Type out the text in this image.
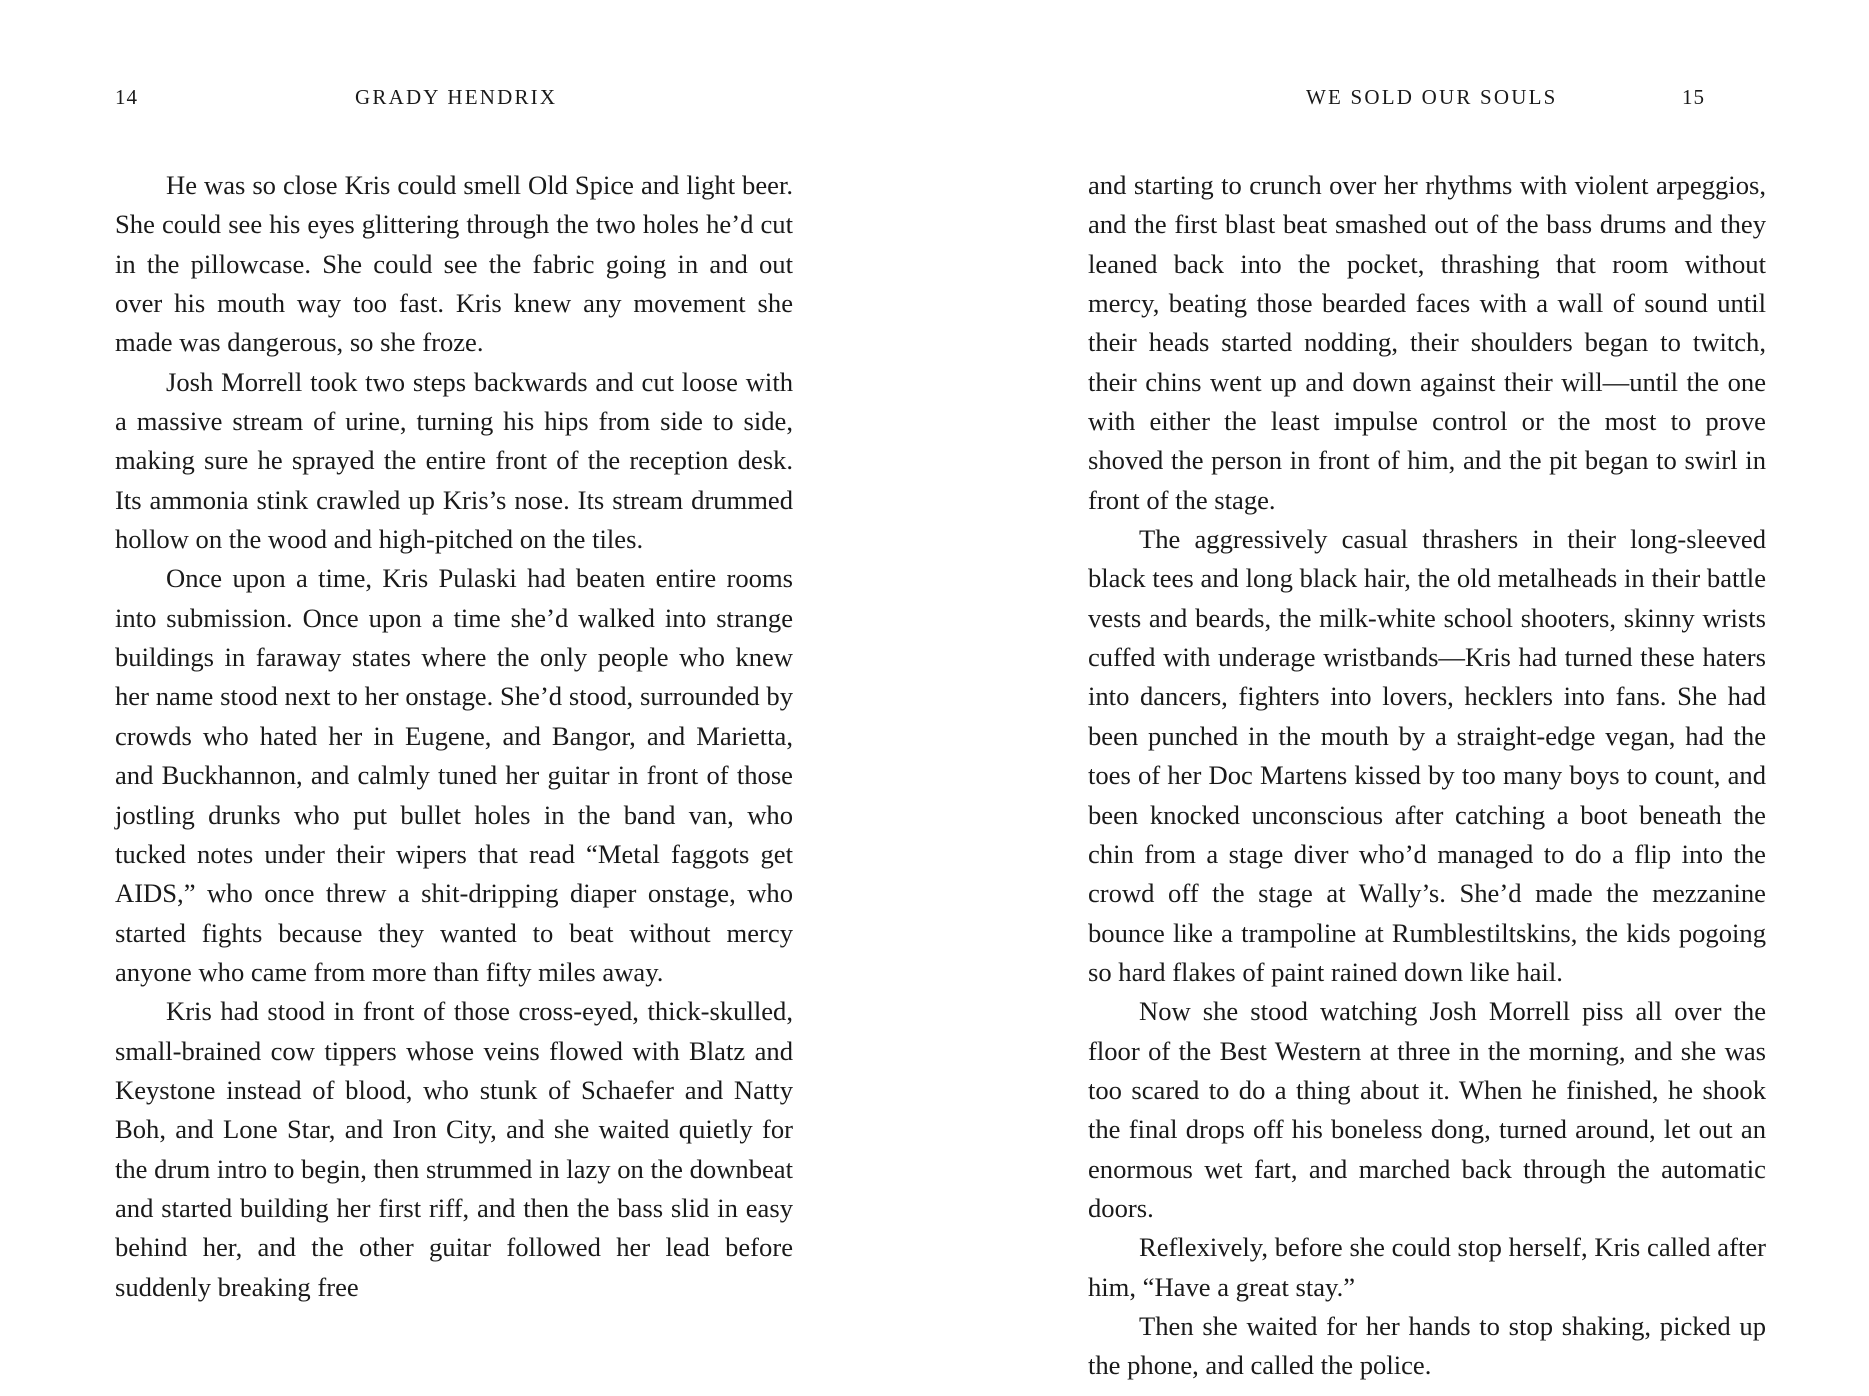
14	GRADY HENDRIX

He was so close Kris could smell Old Spice and light beer. She could see his eyes glittering through the two holes he’d cut in the pillowcase. She could see the fabric going in and out over his mouth way too fast. Kris knew any movement she made was dangerous, so she froze.

Josh Morrell took two steps backwards and cut loose with a massive stream of urine, turning his hips from side to side, making sure he sprayed the entire front of the reception desk. Its ammonia stink crawled up Kris’s nose. Its stream drummed hollow on the wood and high-pitched on the tiles.

Once upon a time, Kris Pulaski had beaten entire rooms into submission. Once upon a time she’d walked into strange buildings in faraway states where the only people who knew her name stood next to her onstage. She’d stood, surrounded by crowds who hated her in Eugene, and Bangor, and Marietta, and Buckhannon, and calmly tuned her guitar in front of those jostling drunks who put bullet holes in the band van, who tucked notes under their wipers that read “Metal faggots get AIDS,” who once threw a shit-dripping diaper onstage, who started fights because they wanted to beat without mercy anyone who came from more than fifty miles away.

Kris had stood in front of those cross-eyed, thick-skulled, small-brained cow tippers whose veins flowed with Blatz and Keystone instead of blood, who stunk of Schaefer and Natty Boh, and Lone Star, and Iron City, and she waited quietly for the drum intro to begin, then strummed in lazy on the downbeat and started building her first riff, and then the bass slid in easy behind her, and the other guitar followed her lead before suddenly breaking free

WE SOLD OUR SOULS	15

and starting to crunch over her rhythms with violent arpeggios, and the first blast beat smashed out of the bass drums and they leaned back into the pocket, thrashing that room without mercy, beating those bearded faces with a wall of sound until their heads started nodding, their shoulders began to twitch, their chins went up and down against their will—until the one with either the least impulse control or the most to prove shoved the person in front of him, and the pit began to swirl in front of the stage.

The aggressively casual thrashers in their long-sleeved black tees and long black hair, the old metalheads in their battle vests and beards, the milk-white school shooters, skinny wrists cuffed with underage wristbands—Kris had turned these haters into dancers, fighters into lovers, hecklers into fans. She had been punched in the mouth by a straight-edge vegan, had the toes of her Doc Martens kissed by too many boys to count, and been knocked unconscious after catching a boot beneath the chin from a stage diver who’d managed to do a flip into the crowd off the stage at Wally’s. She’d made the mezzanine bounce like a trampoline at Rumblestiltskins, the kids pogoing so hard flakes of paint rained down like hail.

Now she stood watching Josh Morrell piss all over the floor of the Best Western at three in the morning, and she was too scared to do a thing about it. When he finished, he shook the final drops off his boneless dong, turned around, let out an enormous wet fart, and marched back through the automatic doors.

Reflexively, before she could stop herself, Kris called after him, “Have a great stay.”

Then she waited for her hands to stop shaking, picked up the phone, and called the police.
